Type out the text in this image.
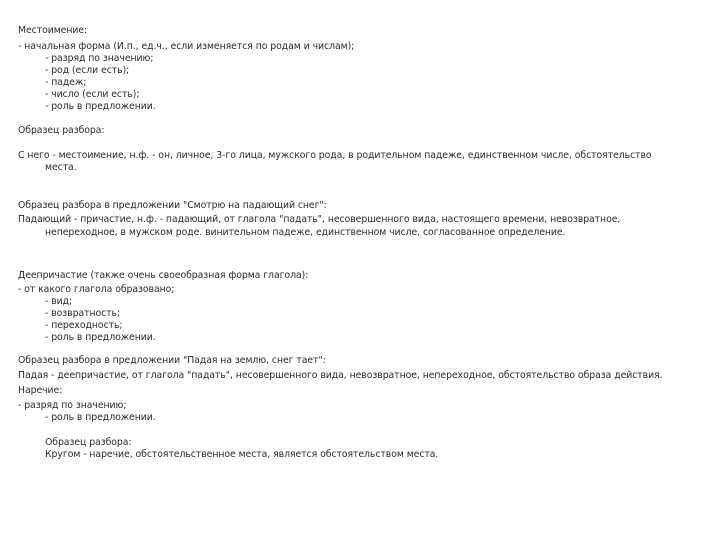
Местоимение:
- начальная форма (И.п., ед.ч., если изменяется по родам и числам);
- разряд по значению;
- род (если есть);
- падеж;
- число (если есть);
- роль в предложении.
Образец разбора:
С него - местоимение, н.ф. - он, личное, 3-го лица, мужского рода, в родительном падеже, единственном числе, обстоятельство
места.
Образец разбора в предложении "Смотрю на падающий снег":
Падающий - причастие, н.ф. - падающий, от глагола "падать", несовершенного вида, настоящего времени, невозвратное,
непереходное, в мужском роде. винительном падеже, единственном числе, согласованное определение.
Деепричастие (также очень своеобразная форма глагола):
- от какого глагола образовано;
- вид;
- возвратность;
- переходность;
- роль в предложении.
Образец разбора в предложении "Падая на землю, снег тает":
Падая - деепричастие, от глагола "падать", несовершенного вида, невозвратное, непереходное, обстоятельство образа действия.
Наречие:
- разряд по значению;
- роль в предложении.
Образец разбора:
Кругом - наречие, обстоятельственное места, является обстоятельством места.
